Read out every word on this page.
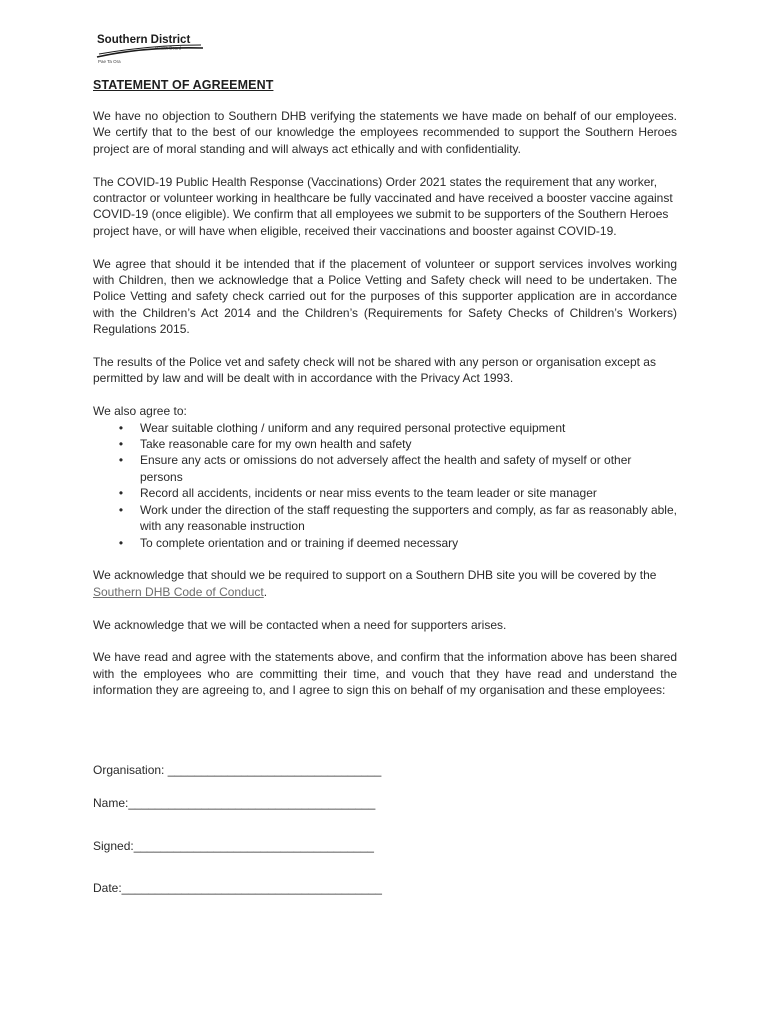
Southern District
Health Board
Pae Ta Ora
STATEMENT OF AGREEMENT

We have no objection to Southern DHB verifying the statements we have made on behalf of our employees. We certify that to the best of our knowledge the employees recommended to support the Southern Heroes project are of moral standing and will always act ethically and with confidentiality.

The COVID-19 Public Health Response (Vaccinations) Order 2021 states the requirement that any worker, contractor or volunteer working in healthcare be fully vaccinated and have received a booster vaccine against COVID-19 (once eligible). We confirm that all employees we submit to be supporters of the Southern Heroes project have, or will have when eligible, received their vaccinations and booster against COVID-19.

We agree that should it be intended that if the placement of volunteer or support services involves working with Children, then we acknowledge that a Police Vetting and Safety check will need to be undertaken. The Police Vetting and safety check carried out for the purposes of this supporter application are in accordance with the Children’s Act 2014 and the Children’s (Requirements for Safety Checks of Children’s Workers) Regulations 2015.

The results of the Police vet and safety check will not be shared with any person or organisation except as permitted by law and will be dealt with in accordance with the Privacy Act 1993.

We also agree to:

• Wear suitable clothing / uniform and any required personal protective equipment
• Take reasonable care for my own health and safety
• Ensure any acts or omissions do not adversely affect the health and safety of myself or other persons
• Record all accidents, incidents or near miss events to the team leader or site manager
• Work under the direction of the staff requesting the supporters and comply, as far as reasonably able, with any reasonable instruction
• To complete orientation and or training if deemed necessary

We acknowledge that should we be required to support on a Southern DHB site you will be covered by the Southern DHB Code of Conduct.

We acknowledge that we will be contacted when a need for supporters arises.

We have read and agree with the statements above, and confirm that the information above has been shared with the employees who are committing their time, and vouch that they have read and understand the information they are agreeing to, and I agree to sign this on behalf of my organisation and these employees:

Organisation: ________________________________
Name:_____________________________________
Signed:____________________________________
Date:_______________________________________
